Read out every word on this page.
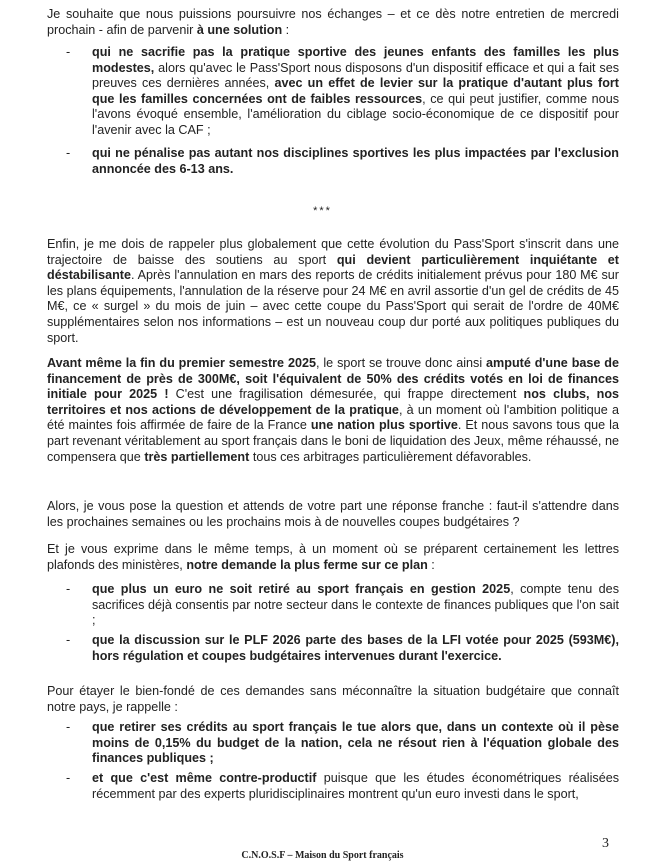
Je souhaite que nous puissions poursuivre nos échanges – et ce dès notre entretien de mercredi prochain - afin de parvenir à une solution :

- qui ne sacrifie pas la pratique sportive des jeunes enfants des familles les plus modestes, alors qu'avec le Pass'Sport nous disposons d'un dispositif efficace et qui a fait ses preuves ces dernières années, avec un effet de levier sur la pratique d'autant plus fort que les familles concernées ont de faibles ressources, ce qui peut justifier, comme nous l'avons évoqué ensemble, l'amélioration du ciblage socio-économique de ce dispositif pour l'avenir avec la CAF ;

- qui ne pénalise pas autant nos disciplines sportives les plus impactées par l'exclusion annoncée des 6-13 ans.

***

Enfin, je me dois de rappeler plus globalement que cette évolution du Pass'Sport s'inscrit dans une trajectoire de baisse des soutiens au sport qui devient particulièrement inquiétante et déstabilisante. Après l'annulation en mars des reports de crédits initialement prévus pour 180 M€ sur les plans équipements, l'annulation de la réserve pour 24 M€ en avril assortie d'un gel de crédits de 45 M€, ce « surgel » du mois de juin – avec cette coupe du Pass'Sport qui serait de l'ordre de 40M€ supplémentaires selon nos informations – est un nouveau coup dur porté aux politiques publiques du sport.

Avant même la fin du premier semestre 2025, le sport se trouve donc ainsi amputé d'une base de financement de près de 300M€, soit l'équivalent de 50% des crédits votés en loi de finances initiale pour 2025 ! C'est une fragilisation démesurée, qui frappe directement nos clubs, nos territoires et nos actions de développement de la pratique, à un moment où l'ambition politique a été maintes fois affirmée de faire de la France une nation plus sportive. Et nous savons tous que la part revenant véritablement au sport français dans le boni de liquidation des Jeux, même réhaussé, ne compensera que très partiellement tous ces arbitrages particulièrement défavorables.

Alors, je vous pose la question et attends de votre part une réponse franche : faut-il s'attendre dans les prochaines semaines ou les prochains mois à de nouvelles coupes budgétaires ?

Et je vous exprime dans le même temps, à un moment où se préparent certainement les lettres plafonds des ministères, notre demande la plus ferme sur ce plan :

- que plus un euro ne soit retiré au sport français en gestion 2025, compte tenu des sacrifices déjà consentis par notre secteur dans le contexte de finances publiques que l'on sait ;

- que la discussion sur le PLF 2026 parte des bases de la LFI votée pour 2025 (593M€), hors régulation et coupes budgétaires intervenues durant l'exercice.

Pour étayer le bien-fondé de ces demandes sans méconnaître la situation budgétaire que connaît notre pays, je rappelle :

- que retirer ses crédits au sport français le tue alors que, dans un contexte où il pèse moins de 0,15% du budget de la nation, cela ne résout rien à l'équation globale des finances publiques ;

- et que c'est même contre-productif puisque que les études économétriques réalisées récemment par des experts pluridisciplinaires montrent qu'un euro investi dans le sport,

3
C.N.O.S.F – Maison du Sport français
